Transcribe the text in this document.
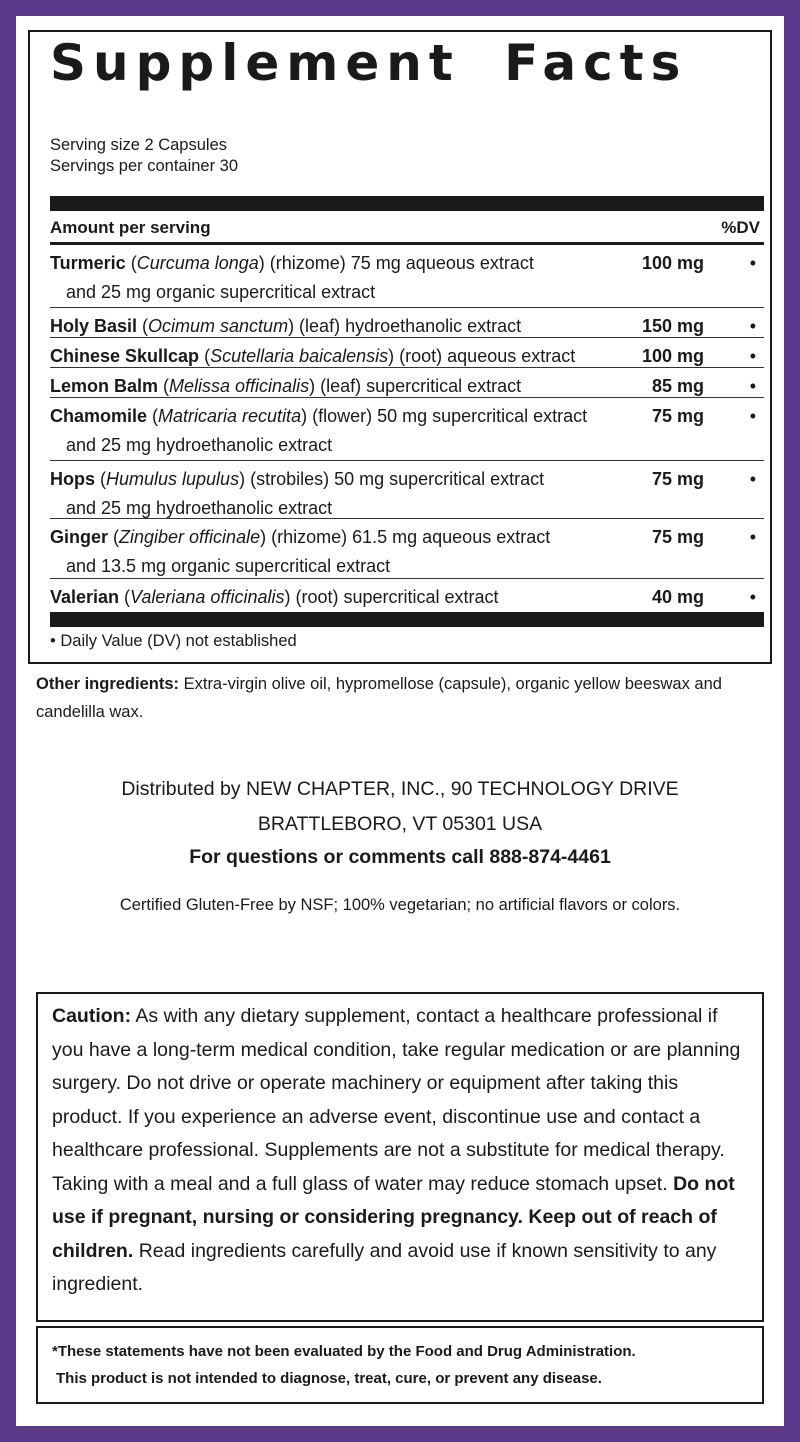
Supplement Facts
Serving size 2 Capsules
Servings per container 30
Amount per serving	%DV
Turmeric (Curcuma longa) (rhizome) 75 mg aqueous extract
and 25 mg organic supercritical extract
100 mg	•
Holy Basil (Ocimum sanctum) (leaf) hydroethanolic extract	150 mg	•
Chinese Skullcap (Scutellaria baicalensis) (root) aqueous extract	100 mg	•
Lemon Balm (Melissa officinalis) (leaf) supercritical extract	85 mg	•
Chamomile (Matricaria recutita) (flower) 50 mg supercritical extract
and 25 mg hydroethanolic extract
75 mg	•
Hops (Humulus lupulus) (strobiles) 50 mg supercritical extract
and 25 mg hydroethanolic extract
75 mg	•
Ginger (Zingiber officinale) (rhizome) 61.5 mg aqueous extract
and 13.5 mg organic supercritical extract
75 mg	•
Valerian (Valeriana officinalis) (root) supercritical extract	40 mg	•
• Daily Value (DV) not established
Other ingredients: Extra-virgin olive oil, hypromellose (capsule), organic yellow beeswax and candelilla wax.
Distributed by NEW CHAPTER, INC., 90 TECHNOLOGY DRIVE
BRATTLEBORO, VT 05301 USA
For questions or comments call 888-874-4461
Certified Gluten-Free by NSF; 100% vegetarian; no artificial flavors or colors.
Caution: As with any dietary supplement, contact a healthcare professional if you have a long-term medical condition, take regular medication or are planning surgery. Do not drive or operate machinery or equipment after taking this product. If you experience an adverse event, discontinue use and contact a healthcare professional. Supplements are not a substitute for medical therapy. Taking with a meal and a full glass of water may reduce stomach upset. Do not use if pregnant, nursing or considering pregnancy. Keep out of reach of children. Read ingredients carefully and avoid use if known sensitivity to any ingredient.
*These statements have not been evaluated by the Food and Drug Administration.
This product is not intended to diagnose, treat, cure, or prevent any disease.
